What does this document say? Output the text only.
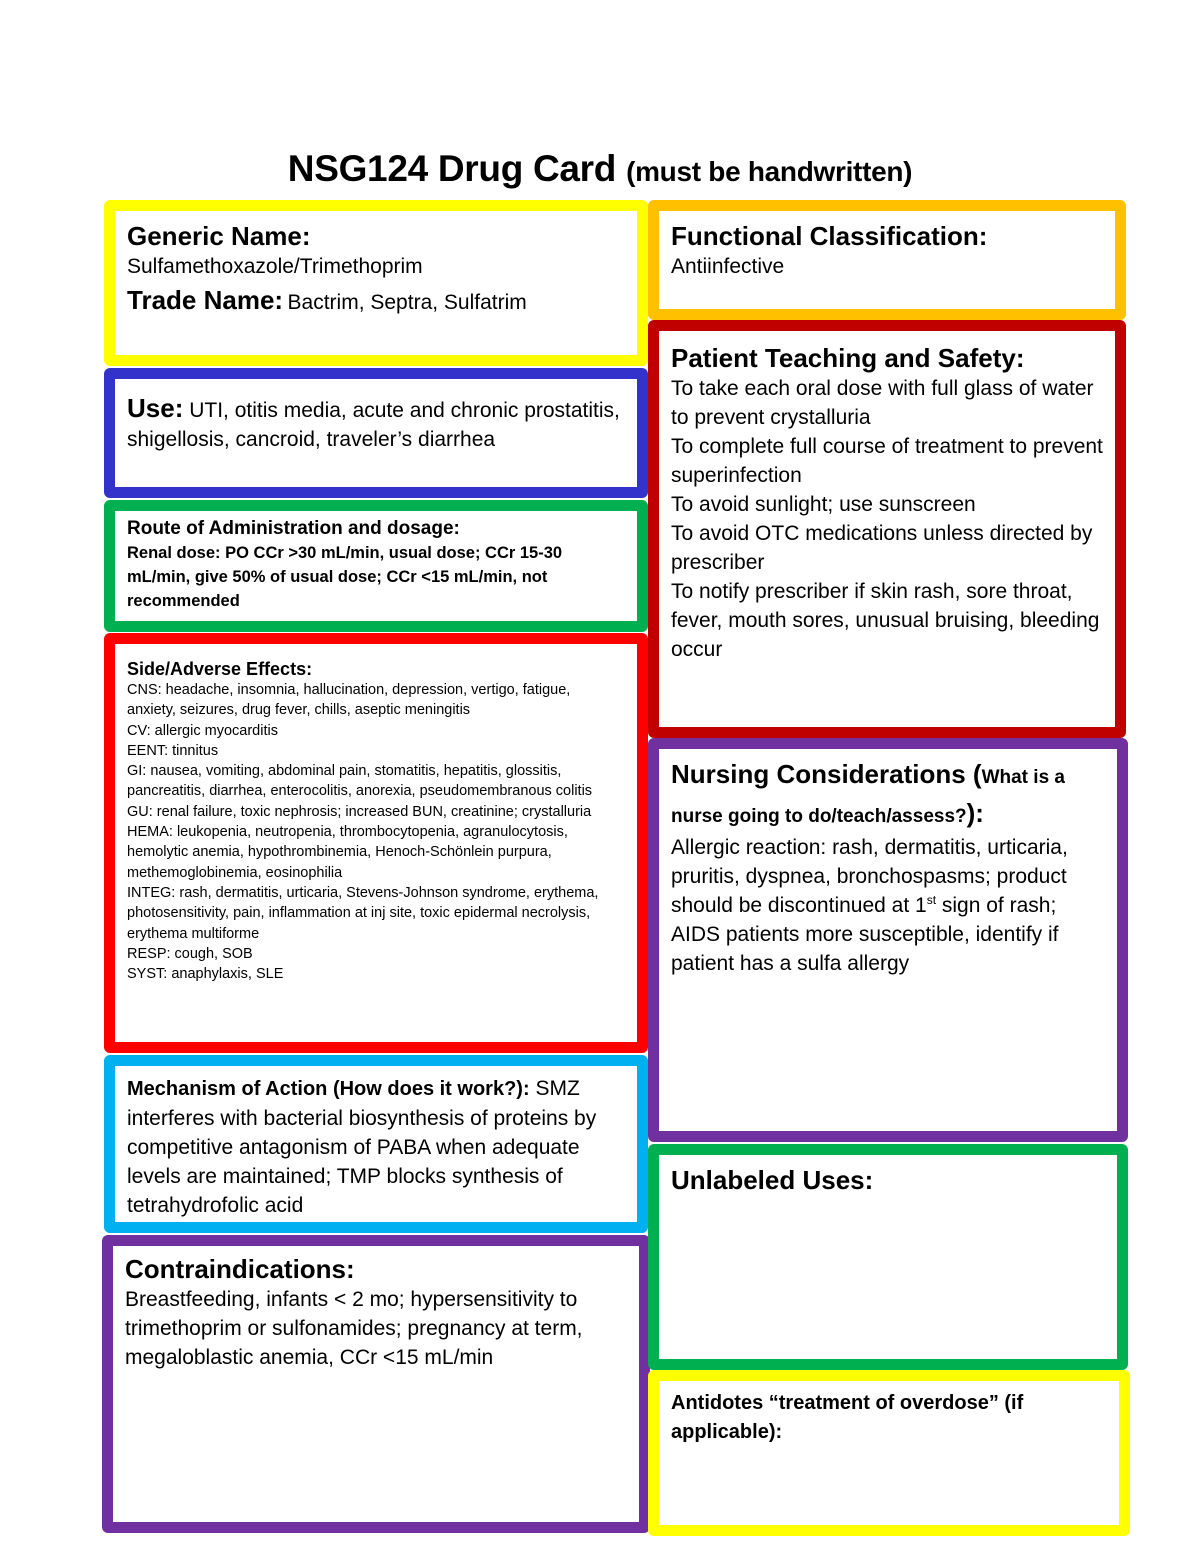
NSG124 Drug Card (must be handwritten)

Generic Name:

Sulfamethoxazole/Trimethoprim

Trade Name: Bactrim, Septra, Sulfatrim

Use: UTI, otitis media, acute and chronic prostatitis, shigellosis, cancroid, traveler’s diarrhea

Route of Administration and dosage:

Renal dose: PO CCr >30 mL/min, usual dose; CCr 15-30 mL/min, give 50% of usual dose; CCr <15 mL/min, not recommended

Side/Adverse Effects:

CNS: headache, insomnia, hallucination, depression, vertigo, fatigue,

anxiety, seizures, drug fever, chills, aseptic meningitis

CV: allergic myocarditis

EENT: tinnitus

GI: nausea, vomiting, abdominal pain, stomatitis, hepatitis, glossitis,

pancreatitis, diarrhea, enterocolitis, anorexia, pseudomembranous colitis

GU: renal failure, toxic nephrosis; increased BUN, creatinine; crystalluria

HEMA: leukopenia, neutropenia, thrombocytopenia, agranulocytosis,

hemolytic anemia, hypothrombinemia, Henoch-Schönlein purpura,

methemoglobinemia, eosinophilia

INTEG: rash, dermatitis, urticaria, Stevens-Johnson syndrome, erythema,

photosensitivity, pain, inflammation at inj site, toxic epidermal necrolysis,

erythema multiforme

RESP: cough, SOB

SYST: anaphylaxis, SLE

Mechanism of Action (How does it work?): SMZ interferes with bacterial biosynthesis of proteins by competitive antagonism of PABA when adequate levels are maintained; TMP blocks synthesis of tetrahydrofolic acid

Contraindications:

Breastfeeding, infants < 2 mo; hypersensitivity to trimethoprim or sulfonamides; pregnancy at term, megaloblastic anemia, CCr <15 mL/min

Functional Classification:

Antiinfective

Patient Teaching and Safety:

To take each oral dose with full glass of water to prevent crystalluria

To complete full course of treatment to prevent superinfection

To avoid sunlight; use sunscreen

To avoid OTC medications unless directed by prescriber

To notify prescriber if skin rash, sore throat, fever, mouth sores, unusual bruising, bleeding occur

Nursing Considerations (What is a nurse going to do/teach/assess?):

Allergic reaction: rash, dermatitis, urticaria, pruritis, dyspnea, bronchospasms; product should be discontinued at 1st sign of rash; AIDS patients more susceptible, identify if patient has a sulfa allergy

Unlabeled Uses:

Antidotes “treatment of overdose” (if applicable):
